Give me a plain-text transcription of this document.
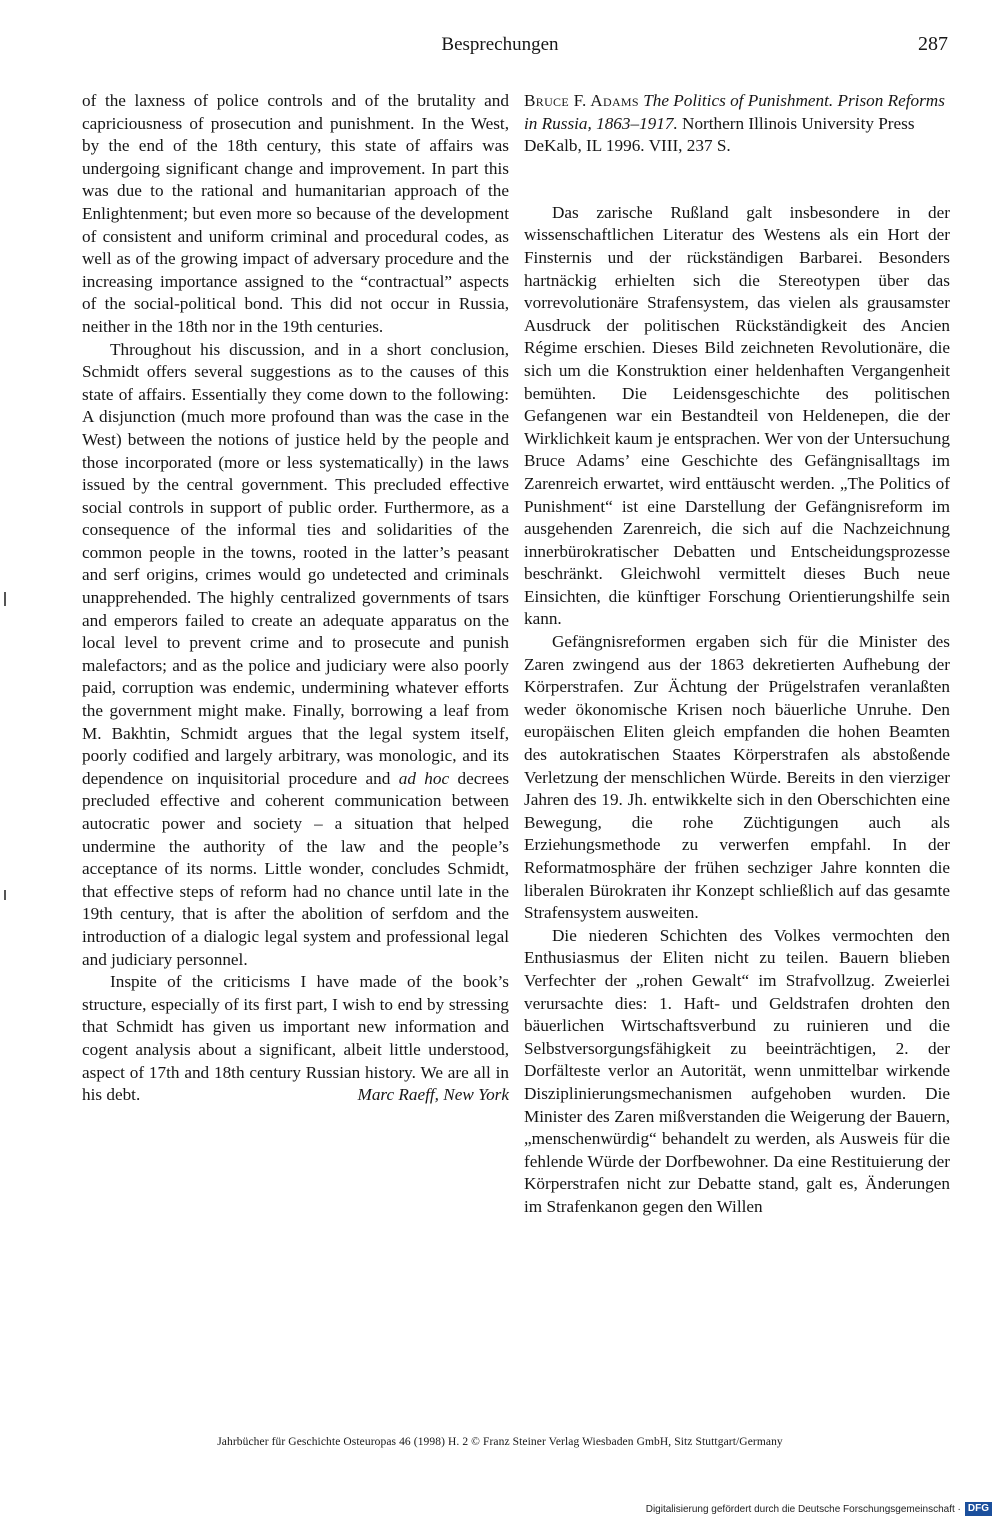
Besprechungen	287

of the laxness of police controls and of the brutality and capriciousness of prosecution and punishment. In the West, by the end of the 18th century, this state of affairs was undergoing significant change and improvement. In part this was due to the rational and humanitarian approach of the Enlightenment; but even more so because of the development of consistent and uniform criminal and procedural codes, as well as of the growing impact of adversary procedure and the increasing importance assigned to the “contractual” aspects of the social-political bond. This did not occur in Russia, neither in the 18th nor in the 19th centuries.

Throughout his discussion, and in a short conclusion, Schmidt offers several suggestions as to the causes of this state of affairs. Essentially they come down to the following: A disjunction (much more profound than was the case in the West) between the notions of justice held by the people and those incorporated (more or less systematically) in the laws issued by the central government. This precluded effective social controls in support of public order. Furthermore, as a consequence of the informal ties and solidarities of the common people in the towns, rooted in the latter’s peasant and serf origins, crimes would go undetected and criminals unapprehended. The highly centralized governments of tsars and emperors failed to create an adequate apparatus on the local level to prevent crime and to prosecute and punish malefactors; and as the police and judiciary were also poorly paid, corruption was endemic, undermining whatever efforts the government might make. Finally, borrowing a leaf from M. Bakhtin, Schmidt argues that the legal system itself, poorly codified and largely arbitrary, was monologic, and its dependence on inquisitorial procedure and ad hoc decrees precluded effective and coherent communication between autocratic power and society – a situation that helped undermine the authority of the law and the people’s acceptance of its norms. Little wonder, concludes Schmidt, that effective steps of reform had no chance until late in the 19th century, that is after the abolition of serfdom and the introduction of a dialogic legal system and professional legal and judiciary personnel.

Inspite of the criticisms I have made of the book’s structure, especially of its first part, I wish to end by stressing that Schmidt has given us important new information and cogent analysis about a significant, albeit little understood, aspect of 17th and 18th century Russian history. We are all in his debt.	Marc Raeff, New York

Bruce F. Adams The Politics of Punishment. Prison Reforms in Russia, 1863–1917. Northern Illinois University Press DeKalb, IL 1996. VIII, 237 S.

Das zarische Rußland galt insbesondere in der wissenschaftlichen Literatur des Westens als ein Hort der Finsternis und der rückständigen Barbarei. Besonders hartnäckig erhielten sich die Stereotypen über das vorrevolutionäre Strafensystem, das vielen als grausamster Ausdruck der politischen Rückständigkeit des Ancien Régime erschien. Dieses Bild zeichneten Revolutionäre, die sich um die Konstruktion einer heldenhaften Vergangenheit bemühten. Die Leidensgeschichte des politischen Gefangenen war ein Bestandteil von Heldenepen, die der Wirklichkeit kaum je entsprachen. Wer von der Untersuchung Bruce Adams’ eine Geschichte des Gefängnisalltags im Zarenreich erwartet, wird enttäuscht werden. „The Politics of Punishment“ ist eine Darstellung der Gefängnisreform im ausgehenden Zarenreich, die sich auf die Nachzeichnung innerbürokratischer Debatten und Entscheidungsprozesse beschränkt. Gleichwohl vermittelt dieses Buch neue Einsichten, die künftiger Forschung Orientierungshilfe sein kann.

Gefängnisreformen ergaben sich für die Minister des Zaren zwingend aus der 1863 dekretierten Aufhebung der Körperstrafen. Zur Ächtung der Prügelstrafen veranlaßten weder ökonomische Krisen noch bäuerliche Unruhe. Den europäischen Eliten gleich empfanden die hohen Beamten des autokratischen Staates Körperstrafen als abstoßende Verletzung der menschlichen Würde. Bereits in den vierziger Jahren des 19. Jh. entwikkelte sich in den Oberschichten eine Bewegung, die rohe Züchtigungen auch als Erziehungsmethode zu verwerfen empfahl. In der Reformatmosphäre der frühen sechziger Jahre konnten die liberalen Bürokraten ihr Konzept schließlich auf das gesamte Strafensystem ausweiten.

Die niederen Schichten des Volkes vermochten den Enthusiasmus der Eliten nicht zu teilen. Bauern blieben Verfechter der „rohen Gewalt“ im Strafvollzug. Zweierlei verursachte dies: 1. Haft- und Geldstrafen drohten den bäuerlichen Wirtschaftsverbund zu ruinieren und die Selbstversorgungsfähigkeit zu beeinträchtigen, 2. der Dorfälteste verlor an Autorität, wenn unmittelbar wirkende Disziplinierungsmechanismen aufgehoben wurden. Die Minister des Zaren mißverstanden die Weigerung der Bauern, „menschenwürdig“ behandelt zu werden, als Ausweis für die fehlende Würde der Dorfbewohner. Da eine Restituierung der Körperstrafen nicht zur Debatte stand, galt es, Änderungen im Strafenkanon gegen den Willen

Jahrbücher für Geschichte Osteuropas 46 (1998) H. 2 © Franz Steiner Verlag Wiesbaden GmbH, Sitz Stuttgart/Germany
Digitalisierung gefördert durch die Deutsche Forschungsgemeinschaft · DFG
